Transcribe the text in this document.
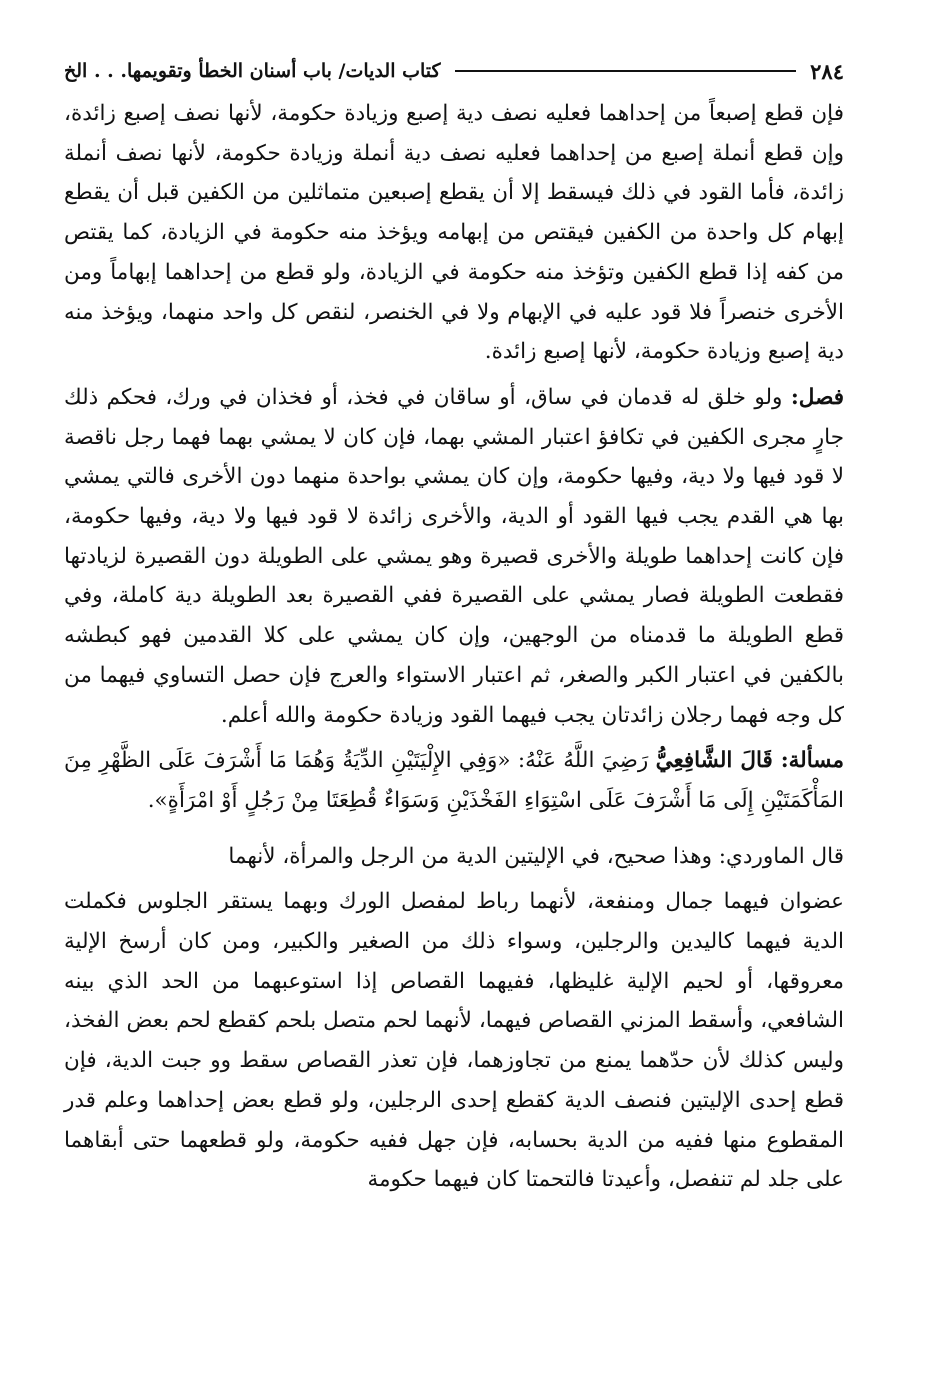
٢٨٤
كتاب الديات/ باب أسنان الخطأ وتقويمها. . . الخ

فإن قطع إصبعاً من إحداهما فعليه نصف دية إصبع وزيادة حكومة، لأنها نصف إصبع زائدة، وإن قطع أنملة إصبع من إحداهما فعليه نصف دية أنملة وزيادة حكومة، لأنها نصف أنملة زائدة، فأما القود في ذلك فيسقط إلا أن يقطع إصبعين متماثلين من الكفين قبل أن يقطع إبهام كل واحدة من الكفين فيقتص من إبهامه ويؤخذ منه حكومة في الزيادة، كما يقتص من كفه إذا قطع الكفين وتؤخذ منه حكومة في الزيادة، ولو قطع من إحداهما إبهاماً ومن الأخرى خنصراً فلا قود عليه في الإبهام ولا في الخنصر، لنقص كل واحد منهما، ويؤخذ منه دية إصبع وزيادة حكومة، لأنها إصبع زائدة.

فصل: ولو خلق له قدمان في ساق، أو ساقان في فخذ، أو فخذان في ورك، فحكم ذلك جارٍ مجرى الكفين في تكافؤ اعتبار المشي بهما، فإن كان لا يمشي بهما فهما رجل ناقصة لا قود فيها ولا دية، وفيها حكومة، وإن كان يمشي بواحدة منهما دون الأخرى فالتي يمشي بها هي القدم يجب فيها القود أو الدية، والأخرى زائدة لا قود فيها ولا دية، وفيها حكومة، فإن كانت إحداهما طويلة والأخرى قصيرة وهو يمشي على الطويلة دون القصيرة لزيادتها فقطعت الطويلة فصار يمشي على القصيرة ففي القصيرة بعد الطويلة دية كاملة، وفي قطع الطويلة ما قدمناه من الوجهين، وإن كان يمشي على كلا القدمين فهو كبطشه بالكفين في اعتبار الكبر والصغر، ثم اعتبار الاستواء والعرج فإن حصل التساوي فيهما من كل وجه فهما رجلان زائدتان يجب فيهما القود وزيادة حكومة والله أعلم.

مسألة: قَالَ الشَّافِعِيُّ رَضِيَ اللَّهُ عَنْهُ: «وَفِي الإِلْيَتَيْنِ الدِّيَةُ وَهُمَا مَا أَشْرَفَ عَلَى الظَّهْرِ مِنَ المَأْكَمَتَيْنِ إِلَى مَا أَشْرَفَ عَلَى اسْتِوَاءِ الفَخْذَيْنِ وَسَوَاءٌ قُطِعَتَا مِنْ رَجُلٍ أَوْ امْرَأَةٍ».

قال الماوردي: وهذا صحيح، في الإليتين الدية من الرجل والمرأة، لأنهما

عضوان فيهما جمال ومنفعة، لأنهما رباط لمفصل الورك وبهما يستقر الجلوس فكملت الدية فيهما كاليدين والرجلين، وسواء ذلك من الصغير والكبير، ومن كان أرسخ الإلية معروقها، أو لحيم الإلية غليظها، ففيهما القصاص إذا استوعبهما من الحد الذي بينه الشافعي، وأسقط المزني القصاص فيهما، لأنهما لحم متصل بلحم كقطع لحم بعض الفخذ، وليس كذلك لأن حدّهما يمنع من تجاوزهما، فإن تعذر القصاص سقط وو جبت الدية، فإن قطع إحدى الإليتين فنصف الدية كقطع إحدى الرجلين، ولو قطع بعض إحداهما وعلم قدر المقطوع منها ففيه من الدية بحسابه، فإن جهل ففيه حكومة، ولو قطعهما حتى أبقاهما على جلد لم تنفصل، وأعيدتا فالتحمتا كان فيهما حكومة
